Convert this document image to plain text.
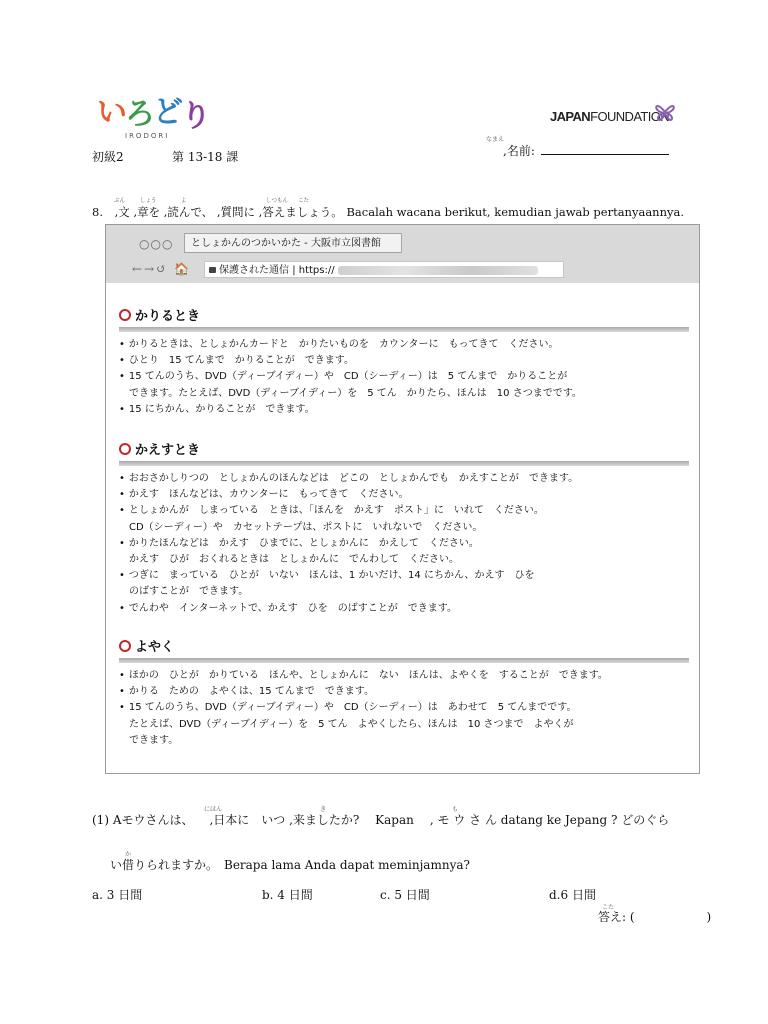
い
ろ
ど
り
IRODORI
初級2	第 13-18 課
JAPANFOUNDATION
なまえ
,名前:
ぶん	しょう	よ	しつもん こた
8. ,文 ,章を ,読んで、 ,質問に ,答えましょう。 Bacalah wacana berikut, kemudian jawab pertanyaannya.
○○○	としょかんのつかいかた - 大阪市立図書館
←→↺ 🏠	保護された通信 | https://
かりるとき
• かりるときは、としょかんカードと　かりたいものを　カウンターに　もってきて　ください。
• ひとり　15 てんまで　かりることが　できます。
• 15 てんのうち、DVD（ディーブイディー）や　CD（シーディー）は　5 てんまで　かりることが
できます。たとえば、DVD（ディーブイディー）を　5 てん　かりたら、ほんは　10 さつまでです。
• 15 にちかん、かりることが　できます。
かえすとき
• おおさかしりつの　としょかんのほんなどは　どこの　としょかんでも　かえすことが　できます。
• かえす　ほんなどは、カウンターに　もってきて　ください。
• としょかんが　しまっている　ときは、「ほんを　かえす　ポスト」に　いれて　ください。
CD（シーディー）や　カセットテープは、ポストに　いれないで　ください。
• かりたほんなどは　かえす　ひまでに、としょかんに　かえして　ください。
かえす　ひが　おくれるときは　としょかんに　でんわして　ください。
• つぎに　まっている　ひとが　いない　ほんは、1 かいだけ、14 にちかん、かえす　ひを
のばすことが　できます。
• でんわや　インターネットで、かえす　ひを　のばすことが　できます。
よやく
• ほかの　ひとが　かりている　ほんや、としょかんに　ない　ほんは、よやくを　することが　できます。
• かりる　ための　よやくは、15 てんまで　できます。
• 15 てんのうち、DVD（ディーブイディー）や　CD（シーディー）は　あわせて　5 てんまでです。
たとえば、DVD（ディーブイディー）を　5 てん　よやくしたら、ほんは　10 さつまで　よやくが
できます。
にほん	き	も
(1) Aモウさんは、 ,日本に　いつ ,来ましたか?　 Kapan , モ ウ さ ん datang ke Jepang ? どのぐら
か
い借りられますか。　Berapa lama Anda dapat meminjamnya?
a. 3 日間	b. 4 日間	c. 5 日間	d.6 日間
こた
答え: (　　　　　　)
